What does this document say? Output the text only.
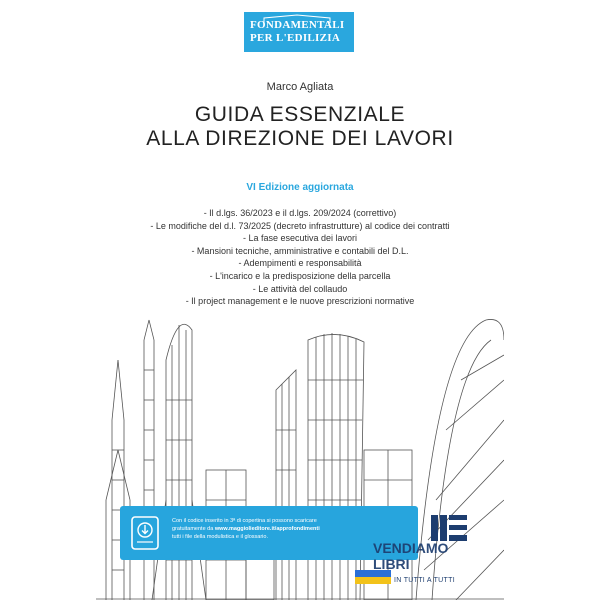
FONDAMENTALI
PER L'EDILIZIA
Marco Agliata
GUIDA ESSENZIALE
ALLA DIREZIONE DEI LAVORI
VI Edizione aggiornata
- Il d.lgs. 36/2023 e il d.lgs. 209/2024 (correttivo)
- Le modifiche del d.l. 73/2025 (decreto infrastrutture) al codice dei contratti
- La fase esecutiva dei lavori
- Mansioni tecniche, amministrative e contabili del D.L.
- Adempimenti e responsabilità
- L'incarico e la predisposizione della parcella
- Le attività del collaudo
- Il project management e le nuove prescrizioni normative
Con il codice inserito in 3ª di copertina si possono scaricare
gratuitamente da www.maggiolieditore.it/approfondimenti
tutti i file della modulistica e il glossario.
VENDIAMO
LIBRI
IN TUTTI A TUTTI
